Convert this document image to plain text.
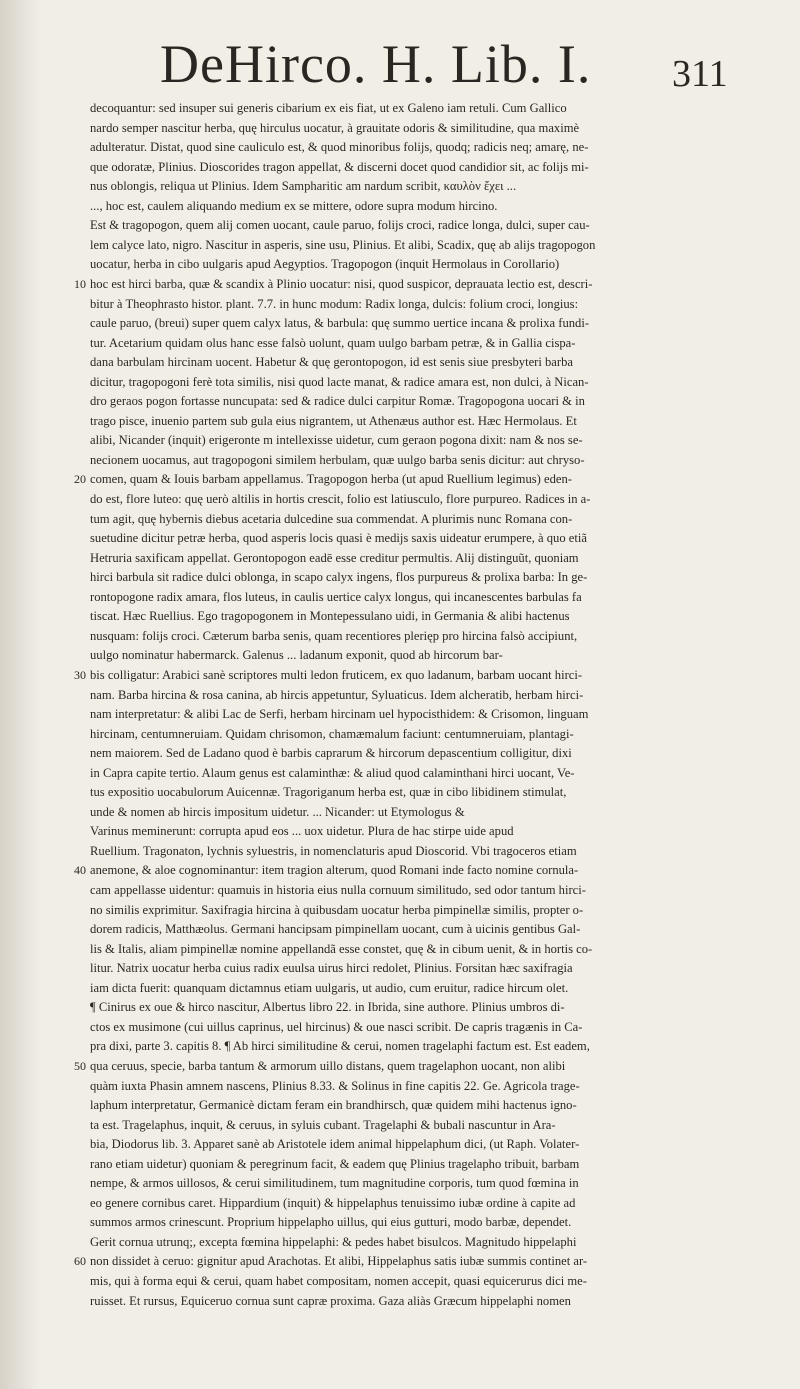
DeHirco. H. Lib. I. 311
decoquantur: sed insuper sui generis cibarium ex eis fiat, ut ex Galeno iam retuli. Cum Gallico
nardo semper nascitur herba, quę hirculus uocatur, à grauitate odoris & similitudine, qua maximè
adulteratur. Distat, quod sine cauliculo est, & quod minoribus folijs, quodq; radicis neq; amarę, ne-
que odoratæ, Plinius. Dioscorides tragon appellat, & discerni docet quod candidior sit, ac folijs mi-
nus oblongis, reliqua ut Plinius. Idem Sampharitic am nardum scribit, καυλὸν ἔχει ...
..., hoc est, caulem aliquando medium ex se mittere, odore supra modum hircino.
Est & tragopogon, quem alij comen uocant, caule paruo, folijs croci, radice longa, dulci, super cau-
lem calyce lato, nigro. Nascitur in asperis, sine usu, Plinius. Et alibi, Scadix, quę ab alijs tragopogon
uocatur, herba in cibo uulgaris apud Aegyptios. Tragopogon (inquit Hermolaus in Corollario)
hoc est hirci barba, quæ & scandix à Plinio uocatur: nisi, quod suspicor, deprauata lectio est, descri-
bitur à Theophrasto histor. plant. 7.7. in hunc modum: Radix longa, dulcis: folium croci, longius:
caule paruo, (breui) super quem calyx latus, & barbula: quę summo uertice incana & prolixa fundi-
tur. Acetarium quidam olus hanc esse falsò uolunt, quam uulgo barbam petræ, & in Gallia cispa-
dana barbulam hircinam uocent. Habetur & quę gerontopogon, id est senis siue presbyteri barba
dicitur, tragopogoni ferè tota similis, nisi quod lacte manat, & radice amara est, non dulci, à Nican-
dro geraos pogon fortasse nuncupata: sed & radice dulci carpitur Romæ. Tragopogona uocari & in
trago pisce, inuenio partem sub gula eius nigrantem, ut Athenæus author est. Hæc Hermolaus. Et
alibi, Nicander (inquit) erigeronte m intellexisse uidetur, cum geraon pogona dixit: nam & nos se-
necionem uocamus, aut tragopogoni similem herbulam, quæ uulgo barba senis dicitur: aut chryso-
comen, quam & Iouis barbam appellamus. Tragopogon herba (ut apud Ruellium legimus) eden-
do est, flore luteo: quę uerò altilis in hortis crescit, folio est latiusculo, flore purpureo. Radices in a-
tum agit, quę hybernis diebus acetaria dulcedine sua commendat. A plurimis nunc Romana con-
suetudine dicitur petræ herba, quod asperis locis quasi è medijs saxis uideatur erumpere, à quo etiã
Hetruria saxificam appellat. Gerontopogon eadē esse creditur permultis. Alij distinguũt, quoniam
hirci barbula sit radice dulci oblonga, in scapo calyx ingens, flos purpureus & prolixa barba: In ge-
rontopogone radix amara, flos luteus, in caulis uertice calyx longus, qui incanescentes barbulas fa
tiscat. Hæc Ruellius. Ego tragopogonem in Montepessulano uidi, in Germania & alibi hactenus
nusquam: folijs croci. Cæterum barba senis, quam recentiores plerięp pro hircina falsò accipiunt,
uulgo nominatur habermarck. Galenus ... ladanum exponit, quod ab hircorum bar-
bis colligatur: Arabici sanè scriptores multi ledon fruticem, ex quo ladanum, barbam uocant hirci-
nam. Barba hircina & rosa canina, ab hircis appetuntur, Syluaticus. Idem alcheratib, herbam hirci-
nam interpretatur: & alibi Lac de Serfi, herbam hircinam uel hypocisthidem: & Crisomon, linguam
hircinam, centumneruiam. Quidam chrisomon, chamæmalum faciunt: centumneruiam, plantagi-
nem maiorem. Sed de Ladano quod è barbis caprarum & hircorum depascentium colligitur, dixi
in Capra capite tertio. Alaum genus est calaminthæ: & aliud quod calaminthani hirci uocant, Ve-
tus expositio uocabulorum Auicennæ. Tragoriganum herba est, quæ in cibo libidinem stimulat,
unde & nomen ab hircis impositum uidetur. ... Nicander: ut Etymologus &
Varinus meminerunt: corrupta apud eos ... uox uidetur. Plura de hac stirpe uide apud
Ruellium. Tragonaton, lychnis syluestris, in nomenclaturis apud Dioscorid. Vbi tragoceros etiam
anemone, & aloe cognominantur: item tragion alterum, quod Romani inde facto nomine cornula-
cam appellasse uidentur: quamuis in historia eius nulla cornuum similitudo, sed odor tantum hirci-
no similis exprimitur. Saxifragia hircina à quibusdam uocatur herba pimpinellæ similis, propter o-
dorem radicis, Matthæolus. Germani hancipsam pimpinellam uocant, cum à uicinis gentibus Gal-
lis & Italis, aliam pimpinellæ nomine appellandã esse constet, quę & in cibum uenit, & in hortis co-
litur. Natrix uocatur herba cuius radix euulsa uirus hirci redolet, Plinius. Forsitan hæc saxifragia
iam dicta fuerit: quanquam dictamnus etiam uulgaris, ut audio, cum eruitur, radice hircum olet.
¶ Cinirus ex oue & hirco nascitur, Albertus libro 22. in Ibrida, sine authore. Plinius umbros di-
ctos ex musimone (cui uillus caprinus, uel hircinus) & oue nasci scribit. De capris tragænis in Ca-
pra dixi, parte 3. capitis 8. ¶ Ab hirci similitudine & cerui, nomen tragelaphi factum est. Est eadem,
qua ceruus, specie, barba tantum & armorum uillo distans, quem tragelaphon uocant, non alibi
quàm iuxta Phasin amnem nascens, Plinius 8.33. & Solinus in fine capitis 22. Ge. Agricola trage-
laphum interpretatur, Germanicè dictam feram ein brandhirsch, quæ quidem mihi hactenus igno-
ta est. Tragelaphus, inquit, & ceruus, in syluis cubant. Tragelaphi & bubali nascuntur in Ara-
bia, Diodorus lib. 3. Apparet sanè ab Aristotele idem animal hippelaphum dici, (ut Raph. Volater-
rano etiam uidetur) quoniam & peregrinum facit, & eadem quę Plinius tragelapho tribuit, barbam
nempe, & armos uillosos, & cerui similitudinem, tum magnitudine corporis, tum quod fœmina in
eo genere cornibus caret. Hippardium (inquit) & hippelaphus tenuissimo iubæ ordine à capite ad
summos armos crinescunt. Proprium hippelapho uillus, qui eius gutturi, modo barbæ, dependet.
Gerit cornua utrunq;, excepta fœmina hippelaphi: & pedes habet bisulcos. Magnitudo hippelaphi
non dissidet à ceruo: gignitur apud Arachotas. Et alibi, Hippelaphus satis iubæ summis continet ar-
mis, qui à forma equi & cerui, quam habet compositam, nomen accepit, quasi equicerurus dici me-
ruisset. Et rursus, Equiceruo cornua sunt capræ proxima. Gaza aliàs Græcum hippelaphi nomen
10
20
30
40
50
60
